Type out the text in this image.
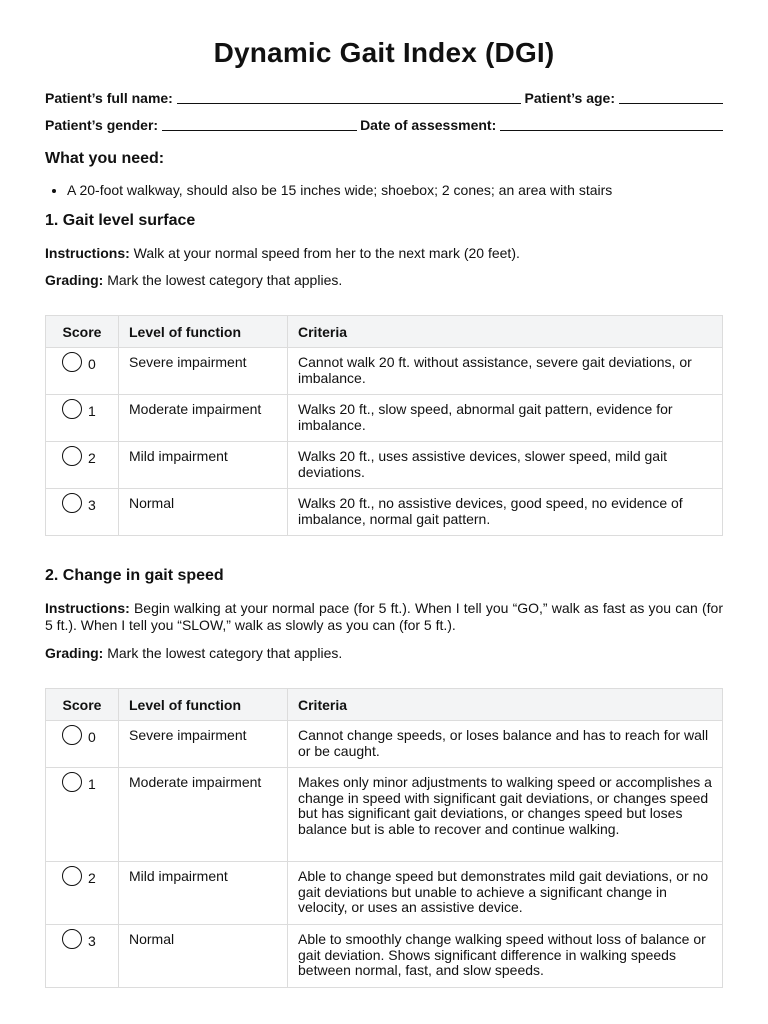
Dynamic Gait Index (DGI)
Patient’s full name:	Patient’s age:
Patient’s gender:	Date of assessment:
What you need:
• A 20-foot walkway, should also be 15 inches wide; shoebox; 2 cones; an area with stairs
1. Gait level surface

Instructions: Walk at your normal speed from her to the next mark (20 feet).

Grading: Mark the lowest category that applies.

Score	Level of function	Criteria
0	Severe impairment	Cannot walk 20 ft. without assistance, severe gait deviations, or imbalance.
1	Moderate impairment	Walks 20 ft., slow speed, abnormal gait pattern, evidence for imbalance.
2	Mild impairment	Walks 20 ft., uses assistive devices, slower speed, mild gait deviations.
3	Normal	Walks 20 ft., no assistive devices, good speed, no evidence of imbalance, normal gait pattern.
2. Change in gait speed

Instructions: Begin walking at your normal pace (for 5 ft.). When I tell you “GO,” walk as fast as you can (for 5 ft.). When I tell you “SLOW,” walk as slowly as you can (for 5 ft.).

Grading: Mark the lowest category that applies.

Score	Level of function	Criteria
0	Severe impairment	Cannot change speeds, or loses balance and has to reach for wall or be caught.
1	Moderate impairment	Makes only minor adjustments to walking speed or accomplishes a change in speed with significant gait deviations, or changes speed but has significant gait deviations, or changes speed but loses balance but is able to recover and continue walking.
2	Mild impairment	Able to change speed but demonstrates mild gait deviations, or no gait deviations but unable to achieve a significant change in velocity, or uses an assistive device.
3	Normal	Able to smoothly change walking speed without loss of balance or gait deviation. Shows significant difference in walking speeds between normal, fast, and slow speeds.
